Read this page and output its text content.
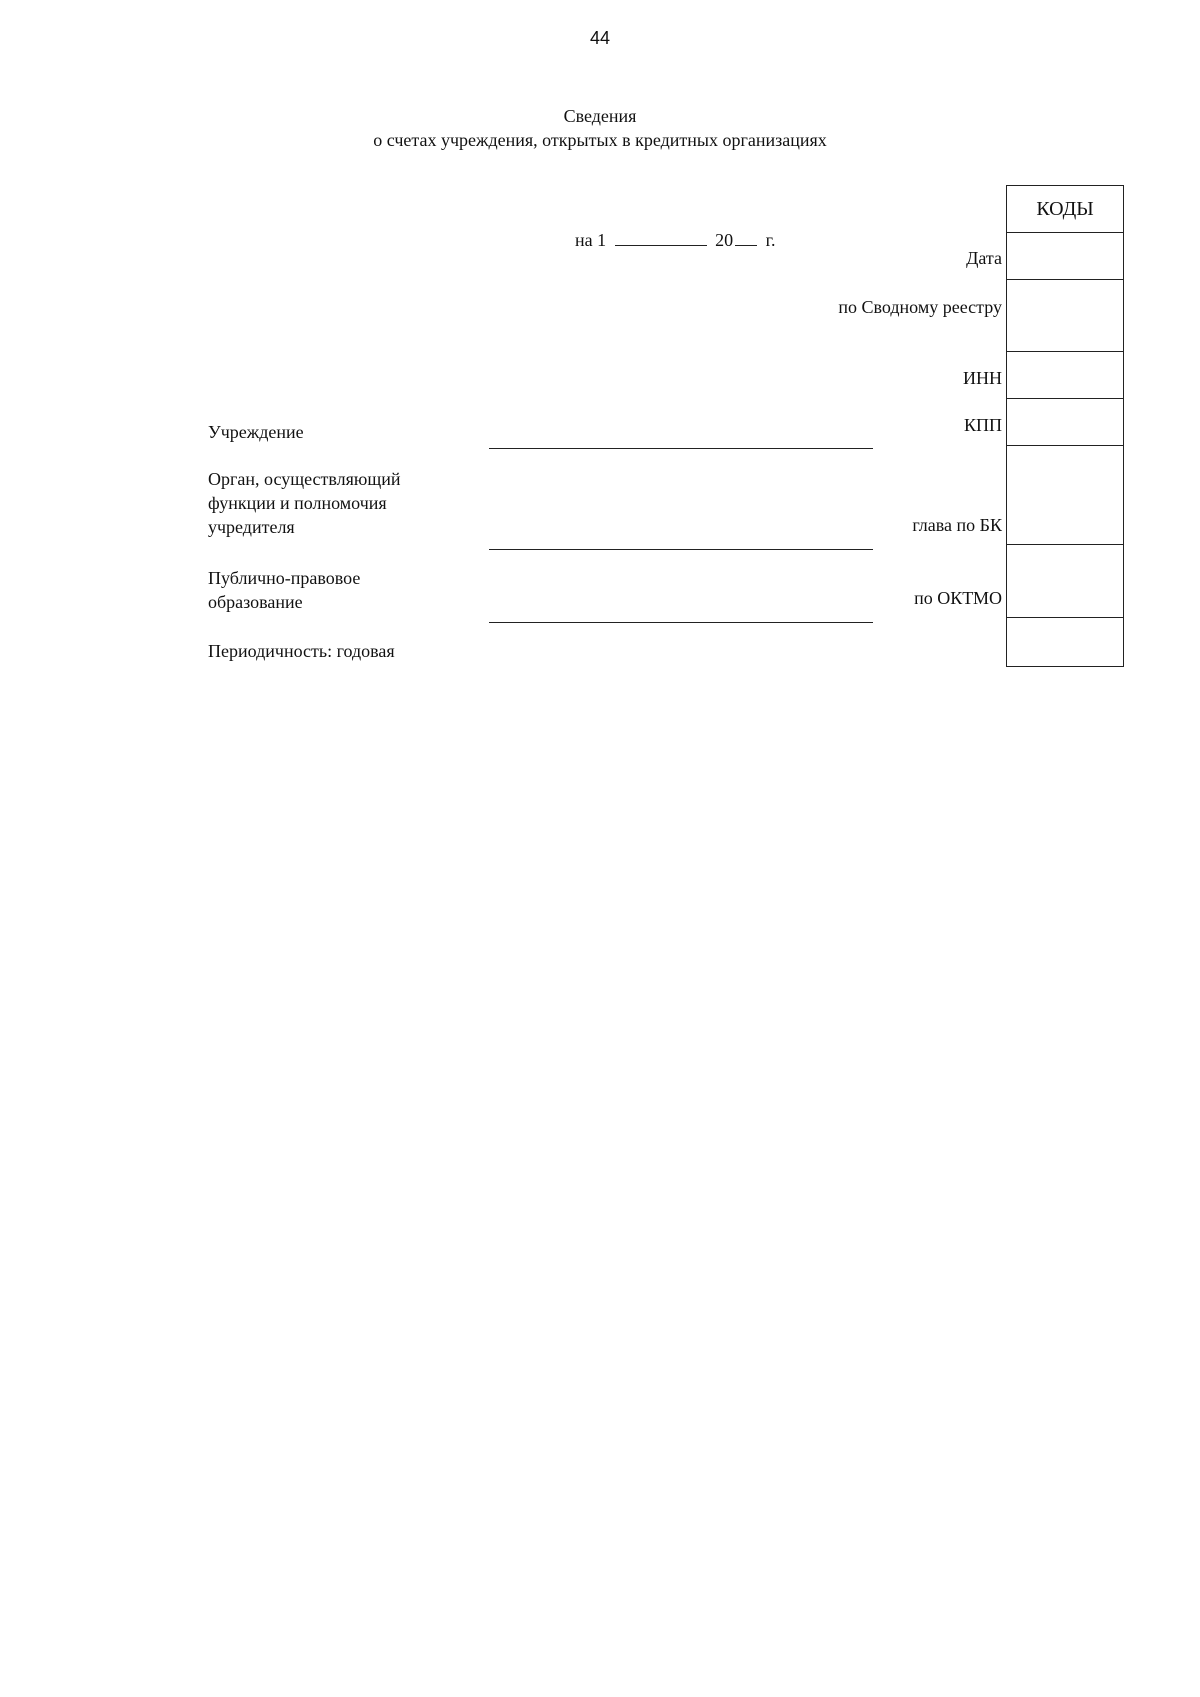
44
Сведения
о счетах учреждения, открытых в кредитных организациях
на 1	20 г.
КОДЫ
Дата
по Сводному реестру
ИНН
КПП
глава по БК
по ОКТМО
Учреждение
Орган, осуществляющий функции и полномочия учредителя
Публично-правовое образование
Периодичность: годовая
